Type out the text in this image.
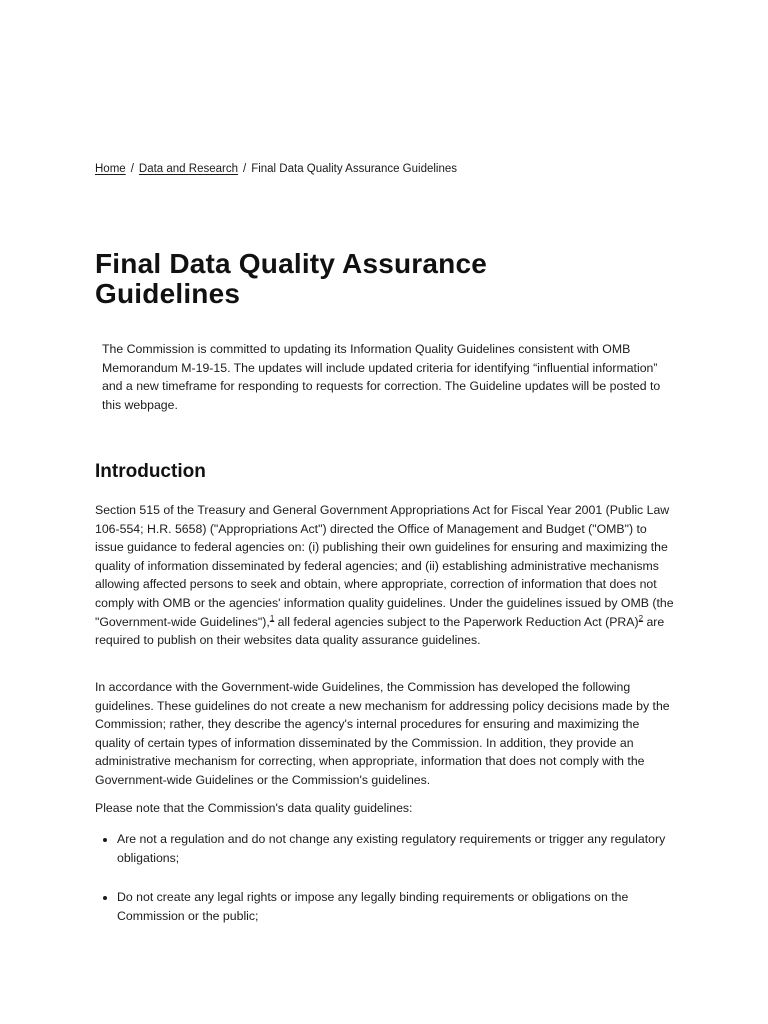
Home / Data and Research / Final Data Quality Assurance Guidelines
Final Data Quality Assurance Guidelines

The Commission is committed to updating its Information Quality Guidelines consistent with OMB Memorandum M-19-15. The updates will include updated criteria for identifying “influential information” and a new timeframe for responding to requests for correction. The Guideline updates will be posted to this webpage.

Introduction

Section 515 of the Treasury and General Government Appropriations Act for Fiscal Year 2001 (Public Law 106-554; H.R. 5658) ("Appropriations Act") directed the Office of Management and Budget ("OMB") to issue guidance to federal agencies on: (i) publishing their own guidelines for ensuring and maximizing the quality of information disseminated by federal agencies; and (ii) establishing administrative mechanisms allowing affected persons to seek and obtain, where appropriate, correction of information that does not comply with OMB or the agencies' information quality guidelines. Under the guidelines issued by OMB (the "Government-wide Guidelines"),$^1$ all federal agencies subject to the Paperwork Reduction Act (PRA)$^2$ are required to publish on their websites data quality assurance guidelines.

In accordance with the Government-wide Guidelines, the Commission has developed the following guidelines. These guidelines do not create a new mechanism for addressing policy decisions made by the Commission; rather, they describe the agency's internal procedures for ensuring and maximizing the quality of certain types of information disseminated by the Commission. In addition, they provide an administrative mechanism for correcting, when appropriate, information that does not comply with the Government-wide Guidelines or the Commission's guidelines.

Please note that the Commission's data quality guidelines:

• Are not a regulation and do not change any existing regulatory requirements or trigger any regulatory obligations;
• Do not create any legal rights or impose any legally binding requirements or obligations on the Commission or the public;
